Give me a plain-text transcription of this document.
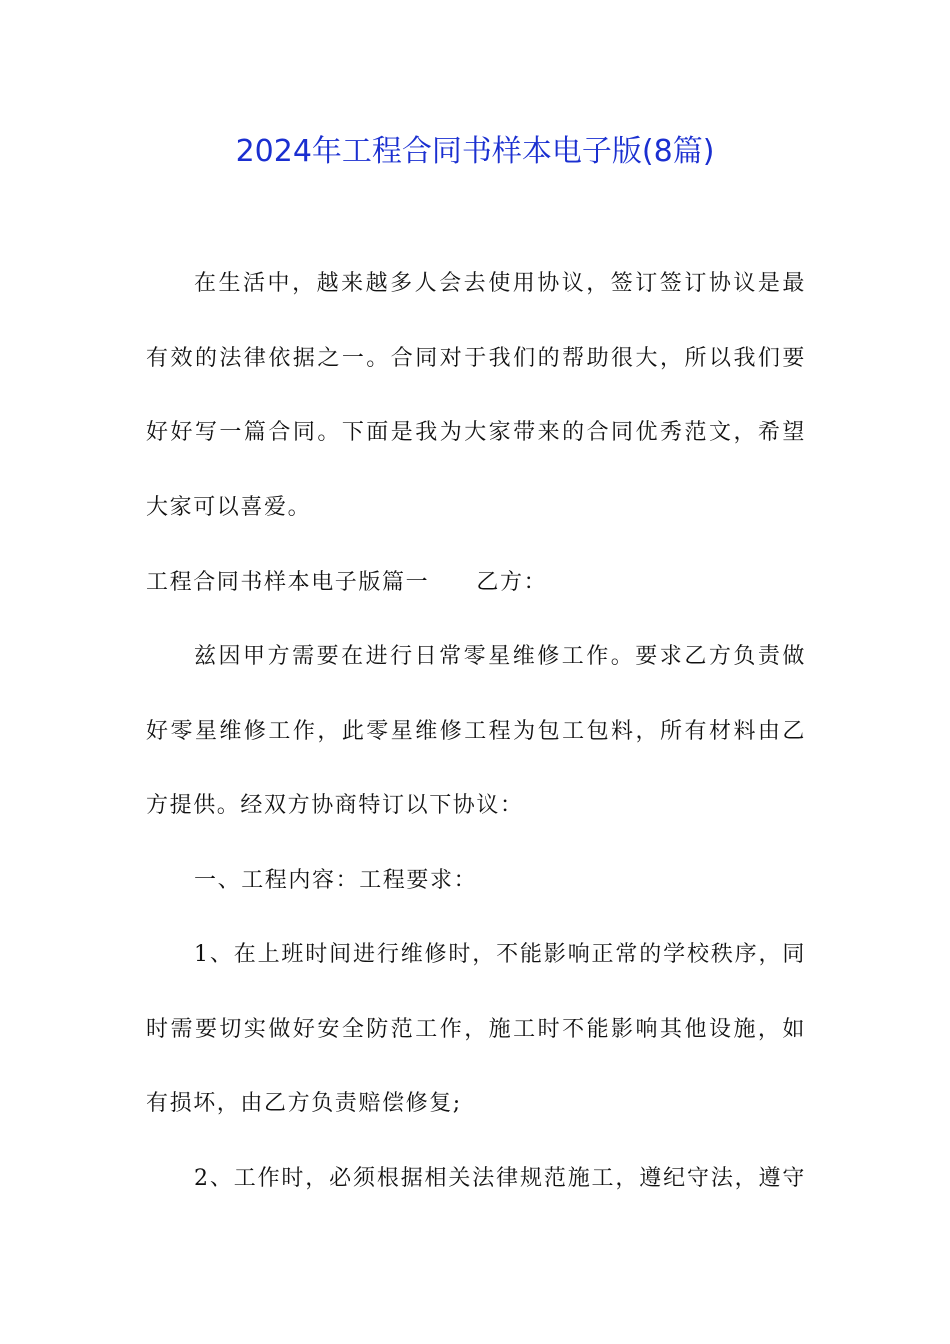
2024年工程合同书样本电子版(8篇)
在生活中，越来越多人会去使用协议，签订签订协议是最
有效的法律依据之一。合同对于我们的帮助很大，所以我们要
好好写一篇合同。下面是我为大家带来的合同优秀范文，希望
大家可以喜爱。
工程合同书样本电子版篇一　　乙方：
兹因甲方需要在进行日常零星维修工作。要求乙方负责做
好零星维修工作，此零星维修工程为包工包料，所有材料由乙
方提供。经双方协商特订以下协议：
一、工程内容：工程要求：
1、在上班时间进行维修时，不能影响正常的学校秩序，同
时需要切实做好安全防范工作，施工时不能影响其他设施，如
有损坏，由乙方负责赔偿修复;
2、工作时，必须根据相关法律规范施工，遵纪守法，遵守
